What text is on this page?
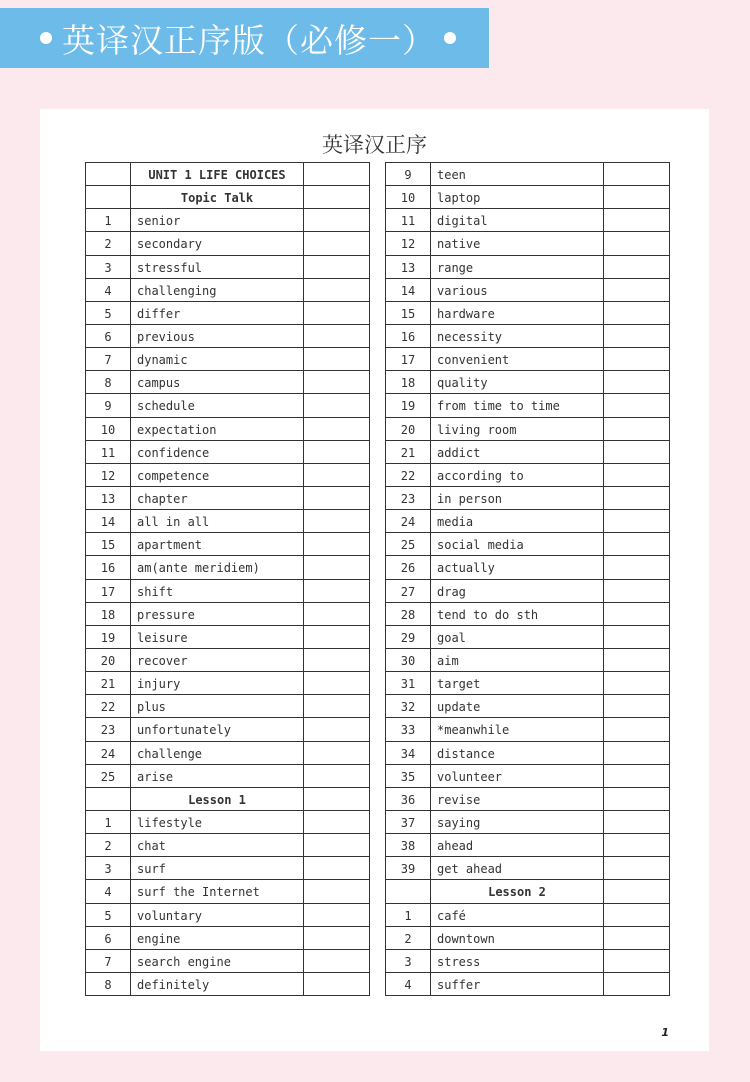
英译汉正序版（必修一）
英译汉正序
	UNIT 1 LIFE CHOICES	
	Topic Talk	
1	senior	
2	secondary	
3	stressful	
4	challenging	
5	differ	
6	previous	
7	dynamic	
8	campus	
9	schedule	
10	expectation	
11	confidence	
12	competence	
13	chapter	
14	all in all	
15	apartment	
16	am(ante meridiem)	
17	shift	
18	pressure	
19	leisure	
20	recover	
21	injury	
22	plus	
23	unfortunately	
24	challenge	
25	arise	
	Lesson 1	
1	lifestyle	
2	chat	
3	surf	
4	surf the Internet	
5	voluntary	
6	engine	
7	search engine	
8	definitely	
9	teen	
10	laptop	
11	digital	
12	native	
13	range	
14	various	
15	hardware	
16	necessity	
17	convenient	
18	quality	
19	from time to time	
20	living room	
21	addict	
22	according to	
23	in person	
24	media	
25	social media	
26	actually	
27	drag	
28	tend to do sth	
29	goal	
30	aim	
31	target	
32	update	
33	*meanwhile	
34	distance	
35	volunteer	
36	revise	
37	saying	
38	ahead	
39	get ahead	
	Lesson 2	
1	café	
2	downtown	
3	stress	
4	suffer	
1
